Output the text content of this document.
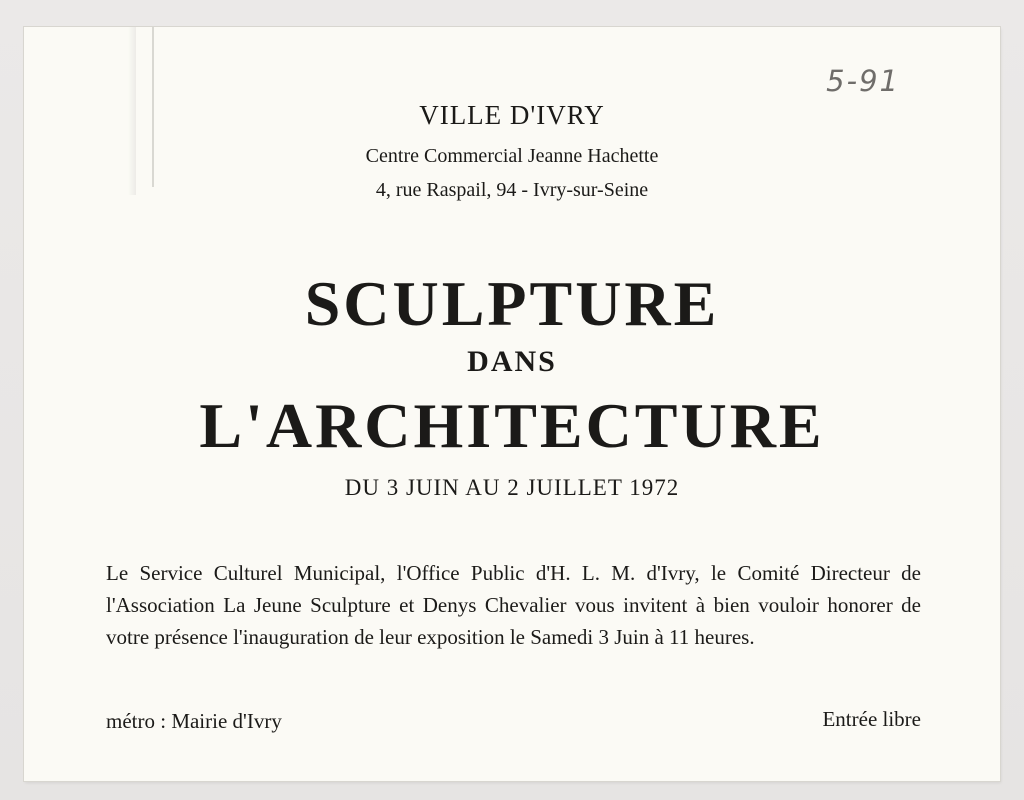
5-91
VILLE D'IVRY
Centre Commercial Jeanne Hachette
4, rue Raspail, 94 - Ivry-sur-Seine
SCULPTURE
DANS
L'ARCHITECTURE
DU 3 JUIN AU 2 JUILLET 1972
Le Service Culturel Municipal, l'Office Public d'H. L. M. d'Ivry, le Comité Directeur de l'Association La Jeune Sculpture et Denys Chevalier vous invitent à bien vouloir honorer de votre présence l'inauguration de leur exposition le Samedi 3 Juin à 11 heures.
métro : Mairie d'Ivry	Entrée libre
